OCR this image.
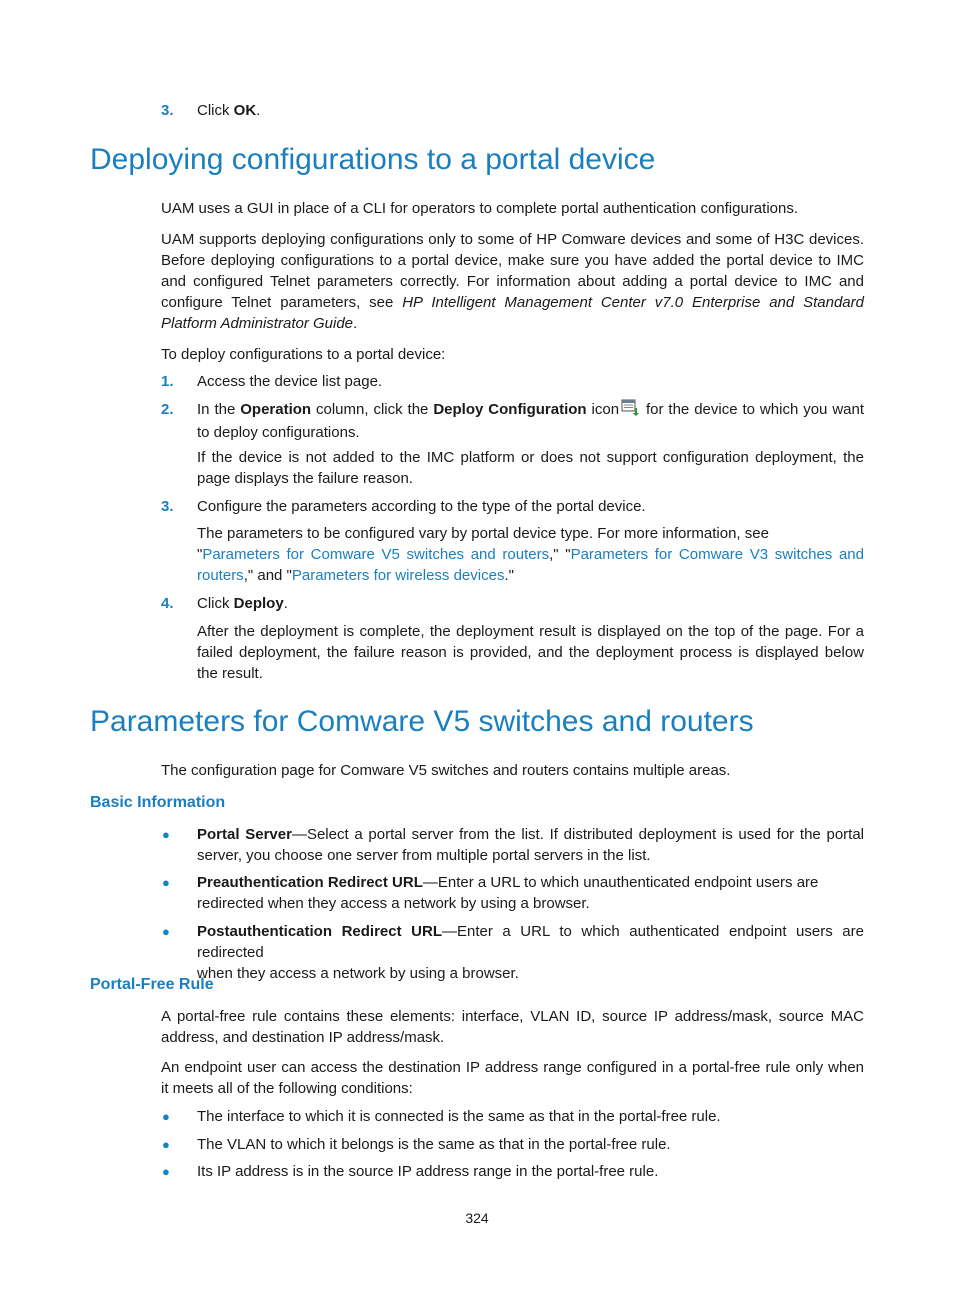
3.	Click OK.
Deploying configurations to a portal device
UAM uses a GUI in place of a CLI for operators to complete portal authentication configurations.
UAM supports deploying configurations only to some of HP Comware devices and some of H3C devices.
Before deploying configurations to a portal device, make sure you have added the portal device to IMC
and configured Telnet parameters correctly. For information about adding a portal device to IMC and
configure Telnet parameters, see HP Intelligent Management Center v7.0 Enterprise and Standard
Platform Administrator Guide.
To deploy configurations to a portal device:
1.	Access the device list page.
2.	In the Operation column, click the Deploy Configuration icon for the device to which you want
to deploy configurations.
If the device is not added to the IMC platform or does not support configuration deployment, the
page displays the failure reason.
3.	Configure the parameters according to the type of the portal device.
The parameters to be configured vary by portal device type. For more information, see
"Parameters for Comware V5 switches and routers," "Parameters for Comware V3 switches and
routers," and "Parameters for wireless devices."
4.	Click Deploy.
After the deployment is complete, the deployment result is displayed on the top of the page. For a
failed deployment, the failure reason is provided, and the deployment process is displayed below
the result.
Parameters for Comware V5 switches and routers
The configuration page for Comware V5 switches and routers contains multiple areas.
Basic Information
●	Portal Server—Select a portal server from the list. If distributed deployment is used for the portal
server, you choose one server from multiple portal servers in the list.
●	Preauthentication Redirect URL—Enter a URL to which unauthenticated endpoint users are
redirected when they access a network by using a browser.
●	Postauthentication Redirect URL—Enter a URL to which authenticated endpoint users are redirected
when they access a network by using a browser.
Portal-Free Rule
A portal-free rule contains these elements: interface, VLAN ID, source IP address/mask, source MAC
address, and destination IP address/mask.
An endpoint user can access the destination IP address range configured in a portal-free rule only when
it meets all of the following conditions:
●	The interface to which it is connected is the same as that in the portal-free rule.
●	The VLAN to which it belongs is the same as that in the portal-free rule.
●	Its IP address is in the source IP address range in the portal-free rule.
324
